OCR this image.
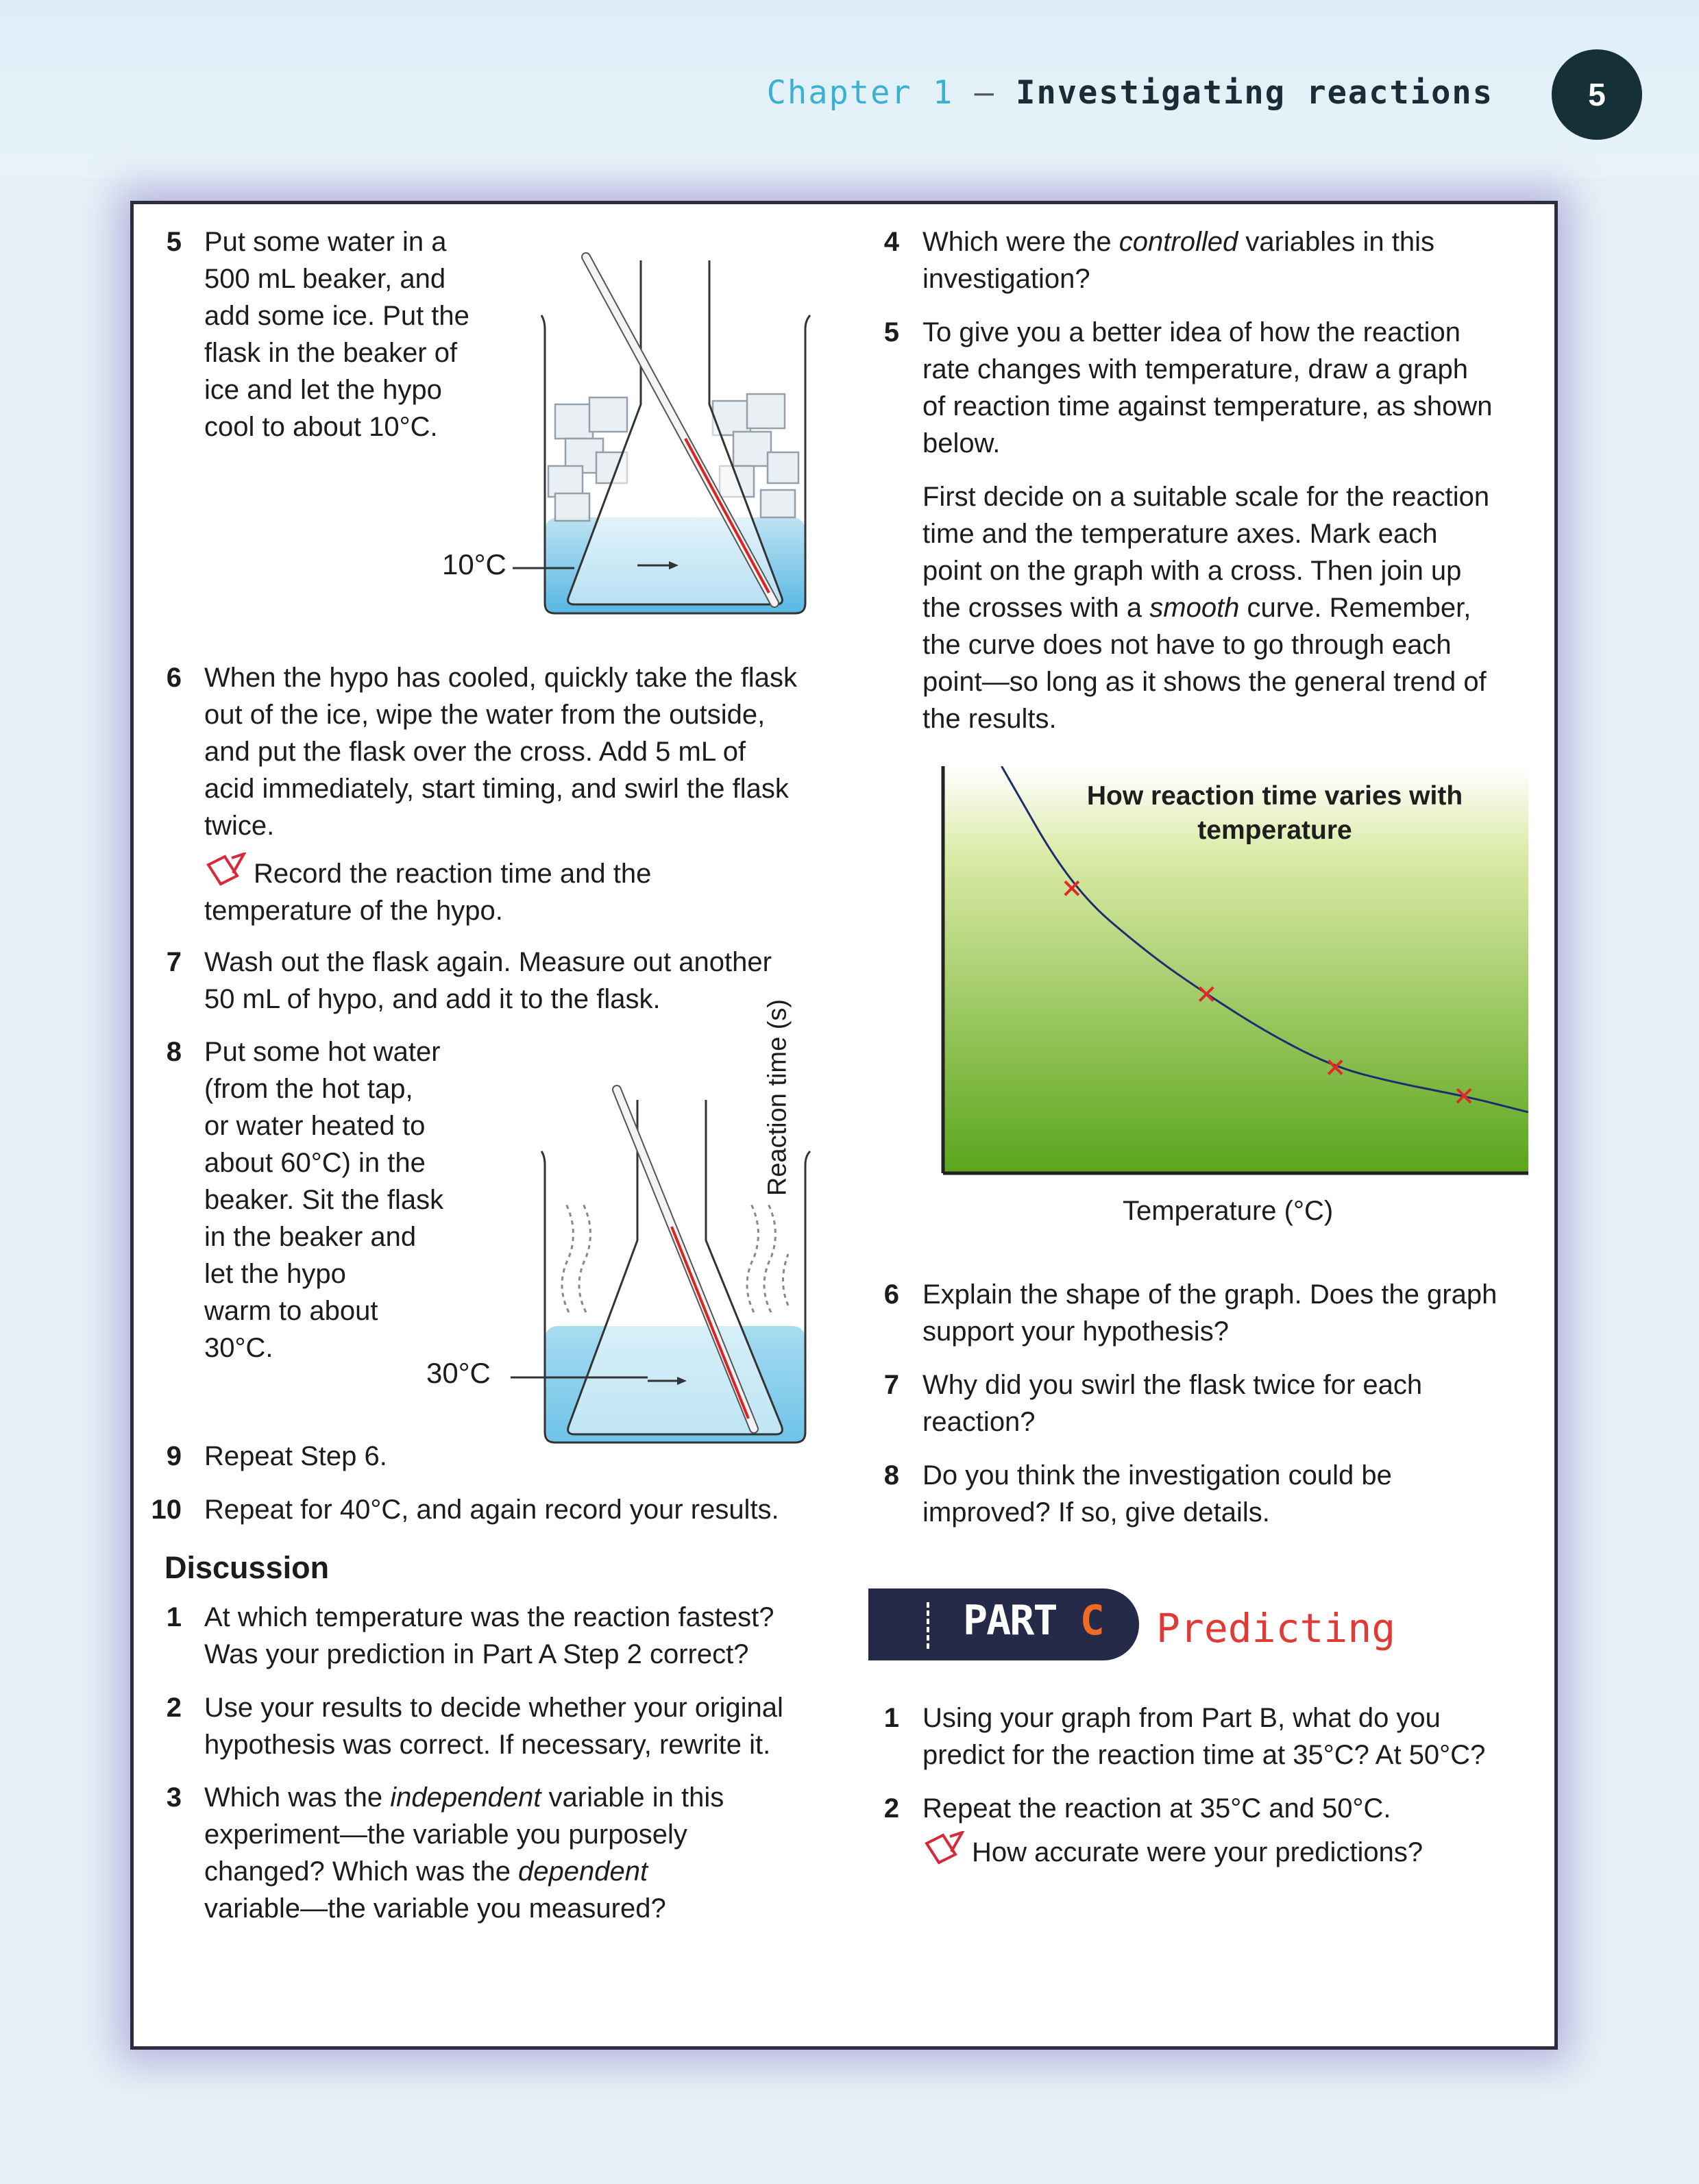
Chapter 1 — Investigating reactions	5
5 Put some water in a
500 mL beaker, and
add some ice. Put the
flask in the beaker of
ice and let the hypo
cool to about 10°C.
10°C
6 When the hypo has cooled, quickly take the flask
out of the ice, wipe the water from the outside,
and put the flask over the cross. Add 5 mL of
acid immediately, start timing, and swirl the flask
twice.
Record the reaction time and the
temperature of the hypo.
7 Wash out the flask again. Measure out another
50 mL of hypo, and add it to the flask.
8 Put some hot water
(from the hot tap,
or water heated to
about 60°C) in the
beaker. Sit the flask
in the beaker and
let the hypo
warm to about
30°C.
30°C
9 Repeat Step 6.
10 Repeat for 40°C, and again record your results.
Discussion
1 At which temperature was the reaction fastest?
Was your prediction in Part A Step 2 correct?
2 Use your results to decide whether your original
hypothesis was correct. If necessary, rewrite it.
3 Which was the independent variable in this
experiment—the variable you purposely
changed? Which was the dependent
variable—the variable you measured?
4 Which were the controlled variables in this
investigation?
5 To give you a better idea of how the reaction
rate changes with temperature, draw a graph
of reaction time against temperature, as shown
below.
First decide on a suitable scale for the reaction
time and the temperature axes. Mark each
point on the graph with a cross. Then join up
the crosses with a smooth curve. Remember,
the curve does not have to go through each
point—so long as it shows the general trend of
the results.
How reaction time varies with temperature
Reaction time (s)
Temperature (°C)
6 Explain the shape of the graph. Does the graph
support your hypothesis?
7 Why did you swirl the flask twice for each
reaction?
8 Do you think the investigation could be
improved? If so, give details.
PART C Predicting
1 Using your graph from Part B, what do you
predict for the reaction time at 35°C? At 50°C?
2 Repeat the reaction at 35°C and 50°C.
How accurate were your predictions?
